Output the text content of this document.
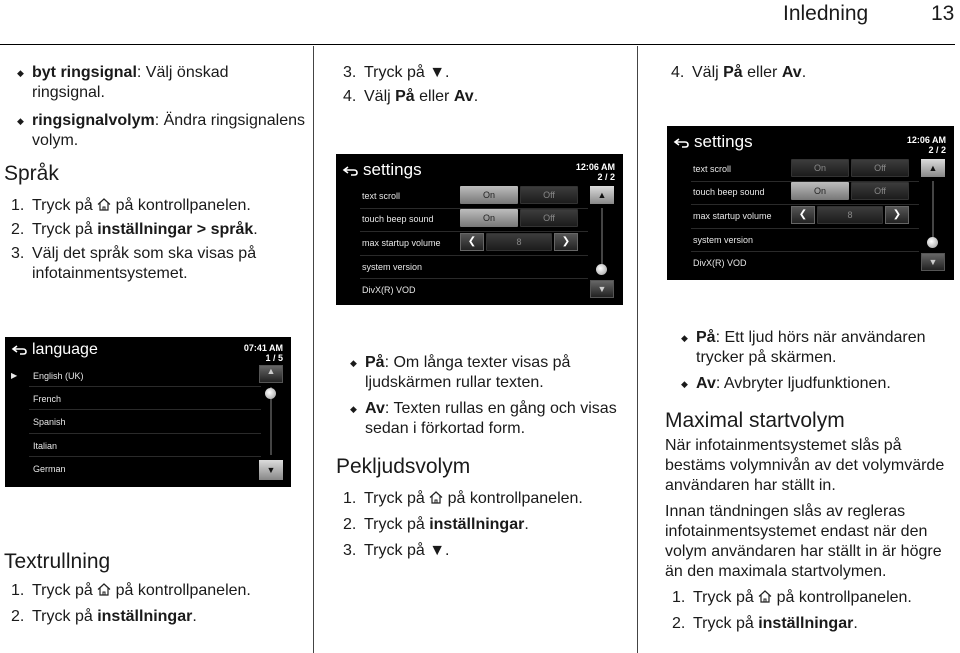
Inledning	13

◆ byt ringsignal: Välj önskad ringsignal.

◆ ringsignalvolym: Ändra ringsignalens volym.

Språk

1. Tryck på  på kontrollpanelen.

2. Tryck på inställningar > språk.

3. Välj det språk som ska visas på infotainmentsystemet.

language	07:41 AM
1 / 5
▶ English (UK)
French
Spanish
Italian
German
▲
▼
Textrullning

1. Tryck på  på kontrollpanelen.

2. Tryck på inställningar.

3. Tryck på ▼.

4. Välj På eller Av.

settings	12:06 AM
2 / 2
text scroll	On	Off
touch beep sound	On	Off
max startup volume	❮	8	❯
system version
DivX(R) VOD
▲
▼

◆ På: Om långa texter visas på ljudskärmen rullar texten.

◆ Av: Texten rullas en gång och visas sedan i förkortad form.

Pekljudsvolym

1. Tryck på  på kontrollpanelen.

2. Tryck på inställningar.

3. Tryck på ▼.

4. Välj På eller Av.

settings	12:06 AM
2 / 2
text scroll	On	Off
touch beep sound	On	Off
max startup volume	❮	8	❯
system version
DivX(R) VOD
▲
▼

◆ På: Ett ljud hörs när användaren trycker på skärmen.

◆ Av: Avbryter ljudfunktionen.

Maximal startvolym

När infotainmentsystemet slås på bestäms volymnivån av det volymvärde användaren har ställt in.

Innan tändningen slås av regleras infotainmentsystemet endast när den volym användaren har ställt in är högre än den maximala startvolymen.

1. Tryck på  på kontrollpanelen.

2. Tryck på inställningar.
